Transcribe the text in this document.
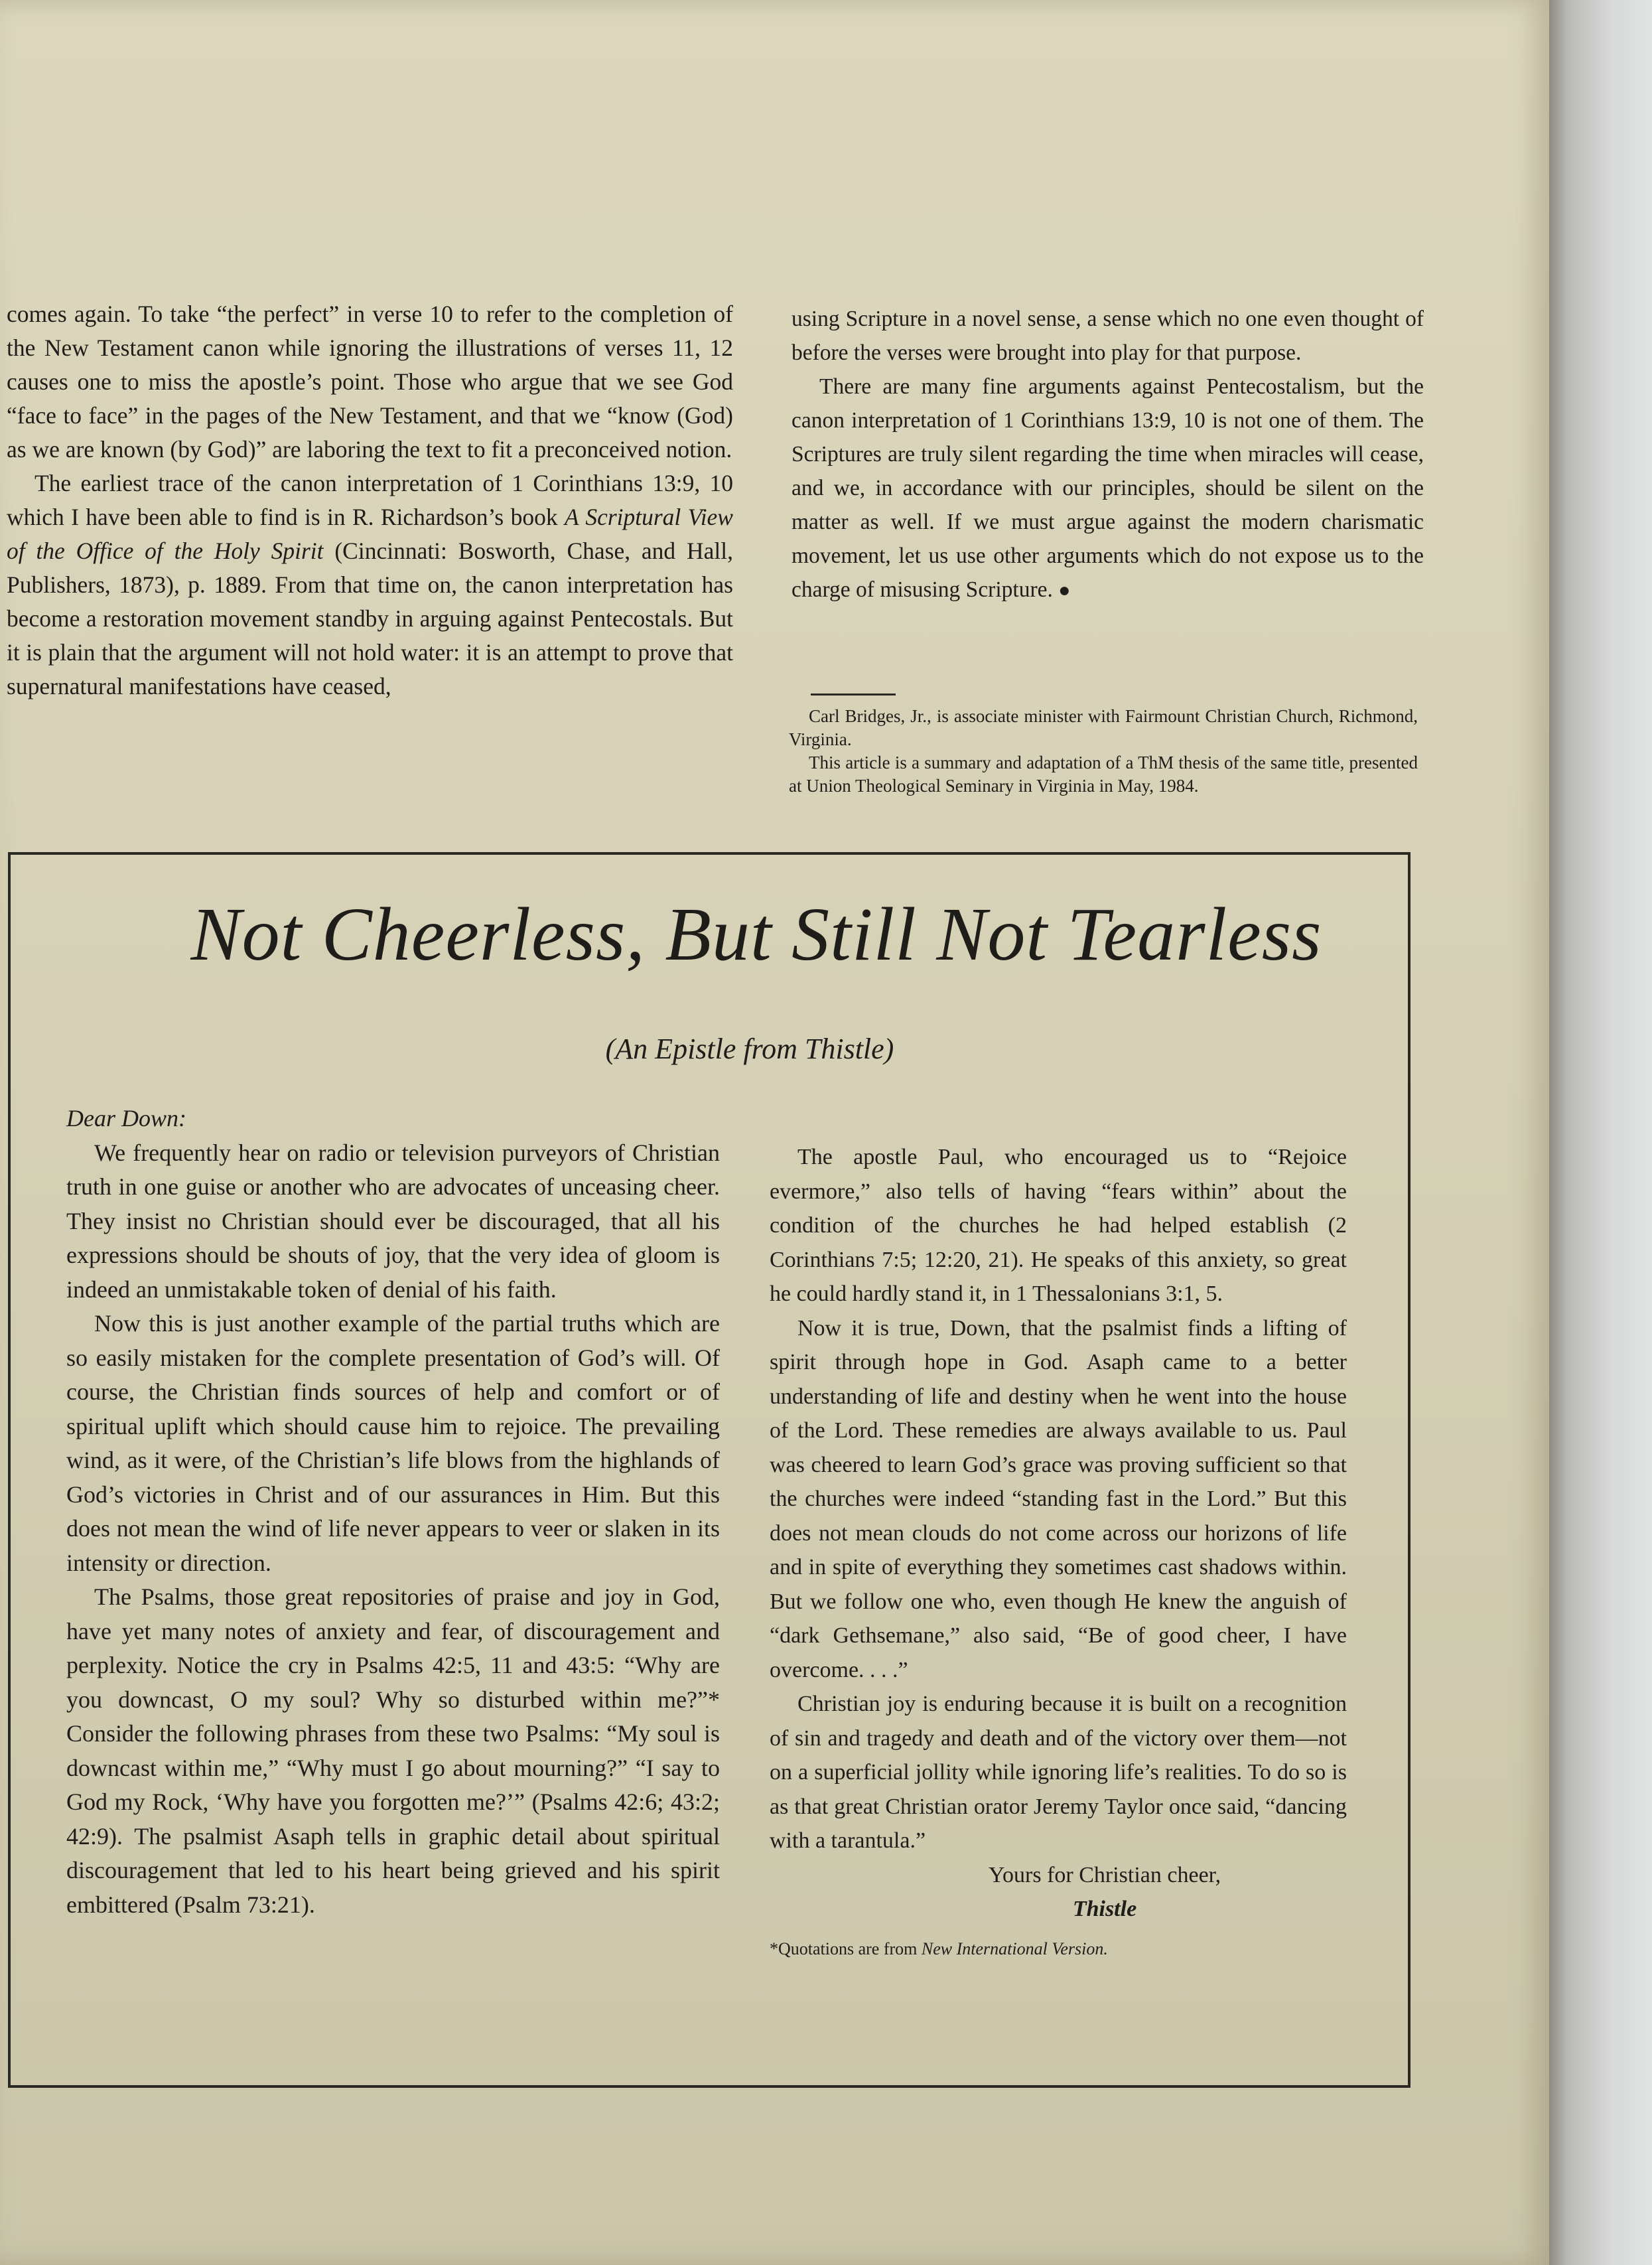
comes again. To take “the perfect” in verse 10 to refer to the completion of the New Testament canon while ignoring the illustrations of verses 11, 12 causes one to miss the apostle’s point. Those who argue that we see God “face to face” in the pages of the New Testament, and that we “know (God) as we are known (by God)” are laboring the text to fit a preconceived notion.

The earliest trace of the canon interpretation of 1 Corinthians 13:9, 10 which I have been able to find is in R. Richardson’s book A Scriptural View of the Office of the Holy Spirit (Cincinnati: Bosworth, Chase, and Hall, Publishers, 1873), p. 1889. From that time on, the canon interpretation has become a restoration movement standby in arguing against Pentecostals. But it is plain that the argument will not hold water: it is an attempt to prove that supernatural manifestations have ceased,

using Scripture in a novel sense, a sense which no one even thought of before the verses were brought into play for that purpose.

There are many fine arguments against Pentecostalism, but the canon interpretation of 1 Corinthians 13:9, 10 is not one of them. The Scriptures are truly silent regarding the time when miracles will cease, and we, in accordance with our principles, should be silent on the matter as well. If we must argue against the modern charismatic movement, let us use other arguments which do not expose us to the charge of misusing Scripture. ●

Carl Bridges, Jr., is associate minister with Fairmount Christian Church, Richmond, Virginia.

This article is a summary and adaptation of a ThM thesis of the same title, presented at Union Theological Seminary in Virginia in May, 1984.

Not Cheerless, But Still Not Tearless
(An Epistle from Thistle)

Dear Down:

We frequently hear on radio or television purveyors of Christian truth in one guise or another who are advocates of unceasing cheer. They insist no Christian should ever be discouraged, that all his expressions should be shouts of joy, that the very idea of gloom is indeed an unmistakable token of denial of his faith.

Now this is just another example of the partial truths which are so easily mistaken for the complete presentation of God’s will. Of course, the Christian finds sources of help and comfort or of spiritual uplift which should cause him to rejoice. The prevailing wind, as it were, of the Christian’s life blows from the highlands of God’s victories in Christ and of our assurances in Him. But this does not mean the wind of life never appears to veer or slaken in its intensity or direction.

The Psalms, those great repositories of praise and joy in God, have yet many notes of anxiety and fear, of discouragement and perplexity. Notice the cry in Psalms 42:5, 11 and 43:5: “Why are you downcast, O my soul? Why so disturbed within me?”* Consider the following phrases from these two Psalms: “My soul is downcast within me,” “Why must I go about mourning?” “I say to God my Rock, ‘Why have you forgotten me?’” (Psalms 42:6; 43:2; 42:9). The psalmist Asaph tells in graphic detail about spiritual discouragement that led to his heart being grieved and his spirit embittered (Psalm 73:21).

The apostle Paul, who encouraged us to “Rejoice evermore,” also tells of having “fears within” about the condition of the churches he had helped establish (2 Corinthians 7:5; 12:20, 21). He speaks of this anxiety, so great he could hardly stand it, in 1 Thessalonians 3:1, 5.

Now it is true, Down, that the psalmist finds a lifting of spirit through hope in God. Asaph came to a better understanding of life and destiny when he went into the house of the Lord. These remedies are always available to us. Paul was cheered to learn God’s grace was proving sufficient so that the churches were indeed “standing fast in the Lord.” But this does not mean clouds do not come across our horizons of life and in spite of everything they sometimes cast shadows within. But we follow one who, even though He knew the anguish of “dark Gethsemane,” also said, “Be of good cheer, I have overcome. . . .”

Christian joy is enduring because it is built on a recognition of sin and tragedy and death and of the victory over them—not on a superficial jollity while ignoring life’s realities. To do so is as that great Christian orator Jeremy Taylor once said, “dancing with a tarantula.”

Yours for Christian cheer,

Thistle

*Quotations are from New International Version.
